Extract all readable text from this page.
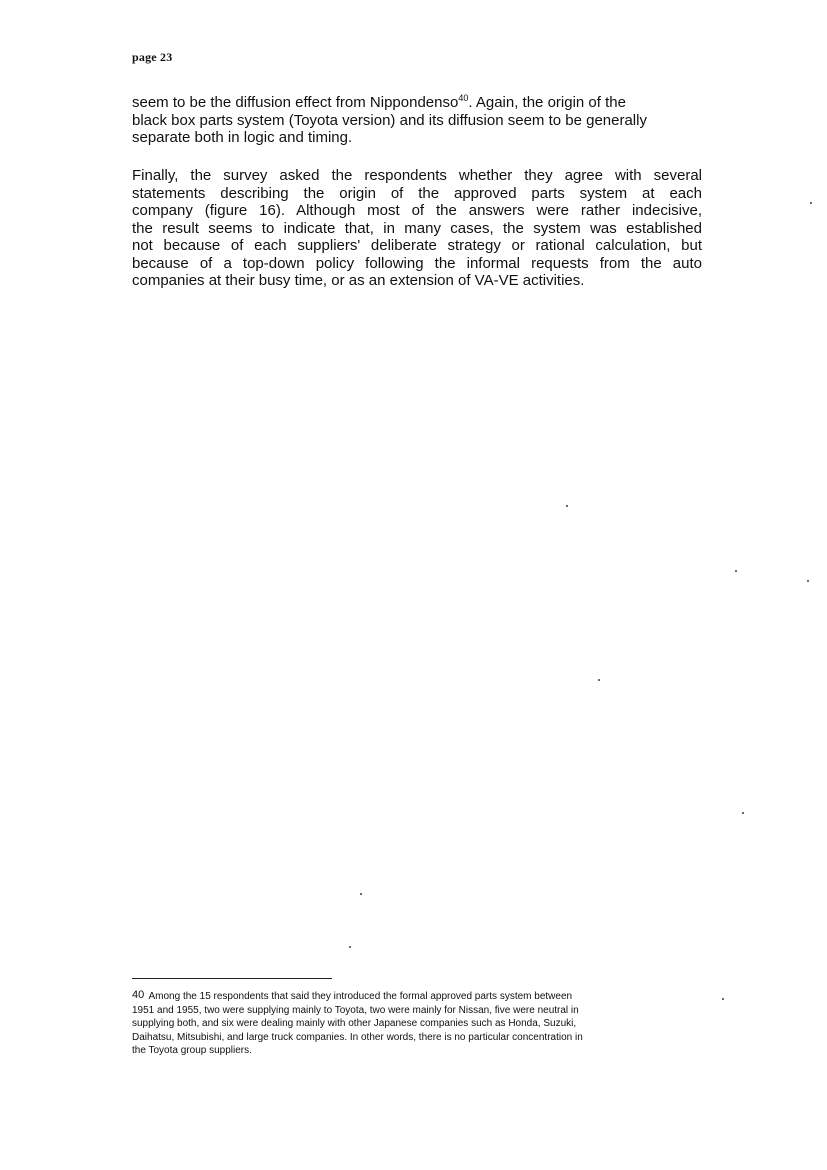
page 23
seem to be the diffusion effect from Nippondenso$^{40}$. Again, the origin of the
black box parts system (Toyota version) and its diffusion seem to be generally
separate both in logic and timing.
Finally, the survey asked the respondents whether they agree with several
statements describing the origin of the approved parts system at each
company (figure 16). Although most of the answers were rather indecisive,
the result seems to indicate that, in many cases, the system was established
not because of each suppliers' deliberate strategy or rational calculation, but
because of a top-down policy following the informal requests from the auto
companies at their busy time, or as an extension of VA-VE activities.
40 Among the 15 respondents that said they introduced the formal approved parts system between
1951 and 1955, two were supplying mainly to Toyota, two were mainly for Nissan, five were neutral in
supplying both, and six were dealing mainly with other Japanese companies such as Honda, Suzuki,
Daihatsu, Mitsubishi, and large truck companies. In other words, there is no particular concentration in
the Toyota group suppliers.
